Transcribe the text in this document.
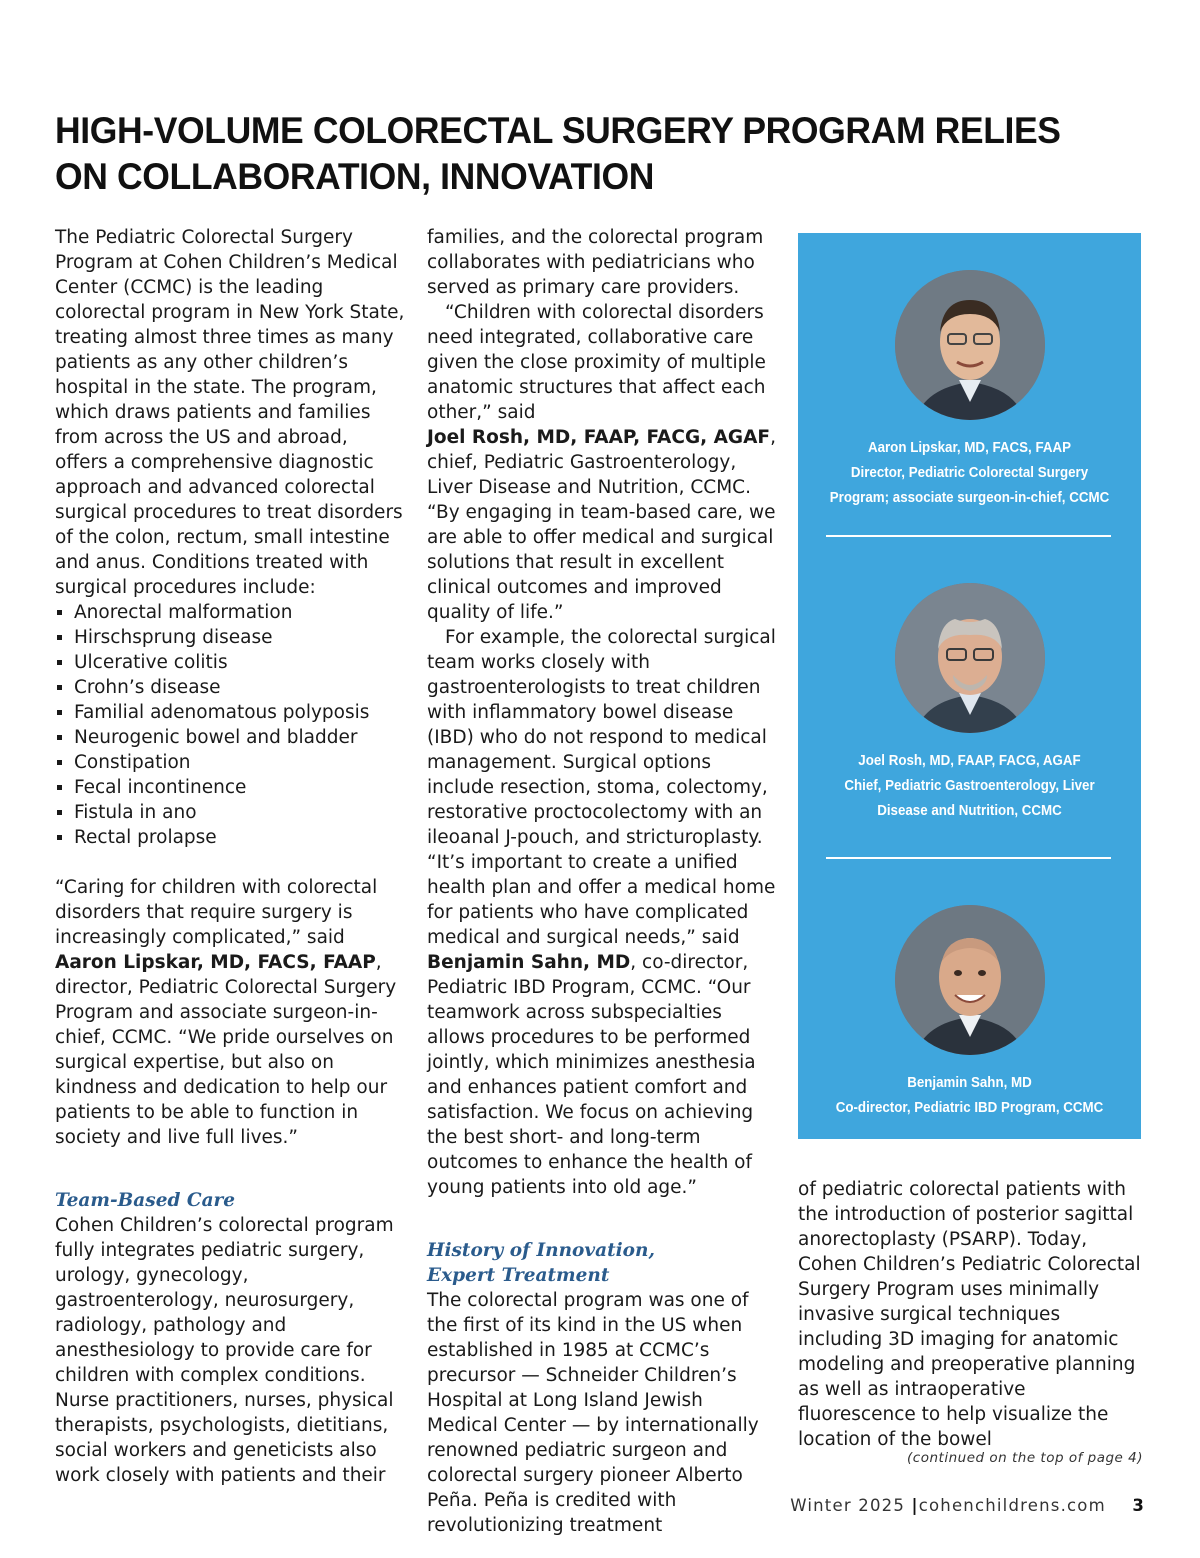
HIGH-VOLUME COLORECTAL SURGERY PROGRAM RELIES ON COLLABORATION, INNOVATION

The Pediatric Colorectal Surgery Program at Cohen Children’s Medical Center (CCMC) is the leading colorectal program in New York State, treating almost three times as many patients as any other children’s hospital in the state. The program, which draws patients and families from across the US and abroad, offers a comprehensive diagnostic approach and advanced colorectal surgical procedures to treat disorders of the colon, rectum, small intestine and anus. Conditions treated with surgical procedures include:

Anorectal malformation
Hirschsprung disease
Ulcerative colitis
Crohn’s disease
Familial adenomatous polyposis
Neurogenic bowel and bladder
Constipation
Fecal incontinence
Fistula in ano
Rectal prolapse

“Caring for children with colorectal disorders that require surgery is increasingly complicated,” said Aaron Lipskar, MD, FACS, FAAP, director, Pediatric Colorectal Surgery Program and associate surgeon-in-chief, CCMC. “We pride ourselves on surgical expertise, but also on kindness and dedication to help our patients to be able to function in society and live full lives.”

Team-Based Care

Cohen Children’s colorectal program fully integrates pediatric surgery, urology, gynecology, gastroenterology, neurosurgery, radiology, pathology and anesthesiology to provide care for children with complex conditions. Nurse practitioners, nurses, physical therapists, psychologists, dietitians, social workers and geneticists also work closely with patients and their

families, and the colorectal program collaborates with pediatricians who served as primary care providers.

“Children with colorectal disorders need integrated, collaborative care given the close proximity of multiple anatomic structures that affect each other,” said Joel Rosh, MD, FAAP, FACG, AGAF, chief, Pediatric Gastroenterology, Liver Disease and Nutrition, CCMC. “By engaging in team-based care, we are able to offer medical and surgical solutions that result in excellent clinical outcomes and improved quality of life.”

For example, the colorectal surgical team works closely with gastroenterologists to treat children with inflammatory bowel disease (IBD) who do not respond to medical management. Surgical options include resection, stoma, colectomy, restorative proctocolectomy with an ileoanal J-pouch, and stricturoplasty. “It’s important to create a unified health plan and offer a medical home for patients who have complicated medical and surgical needs,” said Benjamin Sahn, MD, co-director, Pediatric IBD Program, CCMC. “Our teamwork across subspecialties allows procedures to be performed jointly, which minimizes anesthesia and enhances patient comfort and satisfaction. We focus on achieving the best short- and long-term outcomes to enhance the health of young patients into old age.”

History of Innovation,

Expert Treatment

The colorectal program was one of the first of its kind in the US when established in 1985 at CCMC’s precursor — Schneider Children’s Hospital at Long Island Jewish Medical Center — by internationally renowned pediatric surgeon and colorectal surgery pioneer Alberto Peña. Peña is credited with revolutionizing treatment

of pediatric colorectal patients with the introduction of posterior sagittal anorectoplasty (PSARP). Today, Cohen Children’s Pediatric Colorectal Surgery Program uses minimally invasive surgical techniques including 3D imaging for anatomic modeling and preoperative planning as well as intraoperative fluorescence to help visualize the location of the bowel

Aaron Lipskar, MD, FACS, FAAP

Director, Pediatric Colorectal Surgery

Program; associate surgeon-in-chief, CCMC

Joel Rosh, MD, FAAP, FACG, AGAF

Chief, Pediatric Gastroenterology, Liver

Disease and Nutrition, CCMC

Benjamin Sahn, MD

Co-director, Pediatric IBD Program, CCMC

(continued on the top of page 4)
Winter 2025 |cohenchildrens.com 3
